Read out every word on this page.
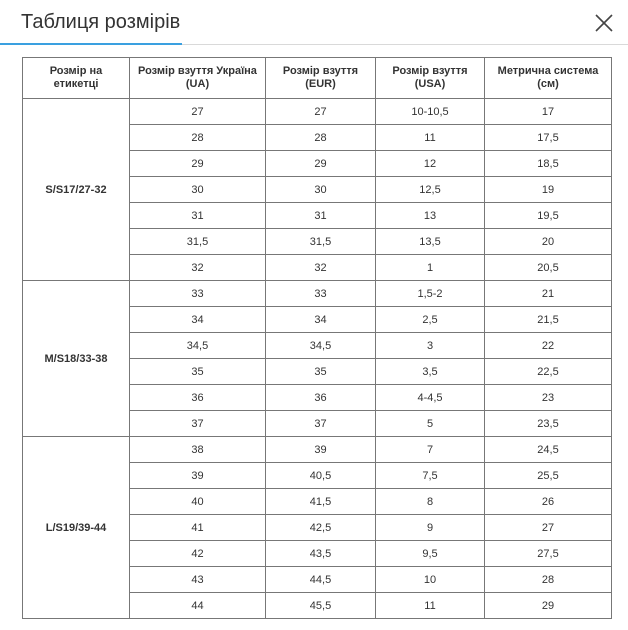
Таблиця розмірів
Розмір на етикетці	Розмір взуття Україна (UA)	Розмір взуття (EUR)	Розмір взуття (USA)	Метрична система (см)
S/S17/27-32	27	27	10-10,5	17
	28	28	11	17,5
	29	29	12	18,5
	30	30	12,5	19
	31	31	13	19,5
	31,5	31,5	13,5	20
	32	32	1	20,5
M/S18/33-38	33	33	1,5-2	21
	34	34	2,5	21,5
	34,5	34,5	3	22
	35	35	3,5	22,5
	36	36	4-4,5	23
	37	37	5	23,5
L/S19/39-44	38	39	7	24,5
	39	40,5	7,5	25,5
	40	41,5	8	26
	41	42,5	9	27
	42	43,5	9,5	27,5
	43	44,5	10	28
	44	45,5	11	29
